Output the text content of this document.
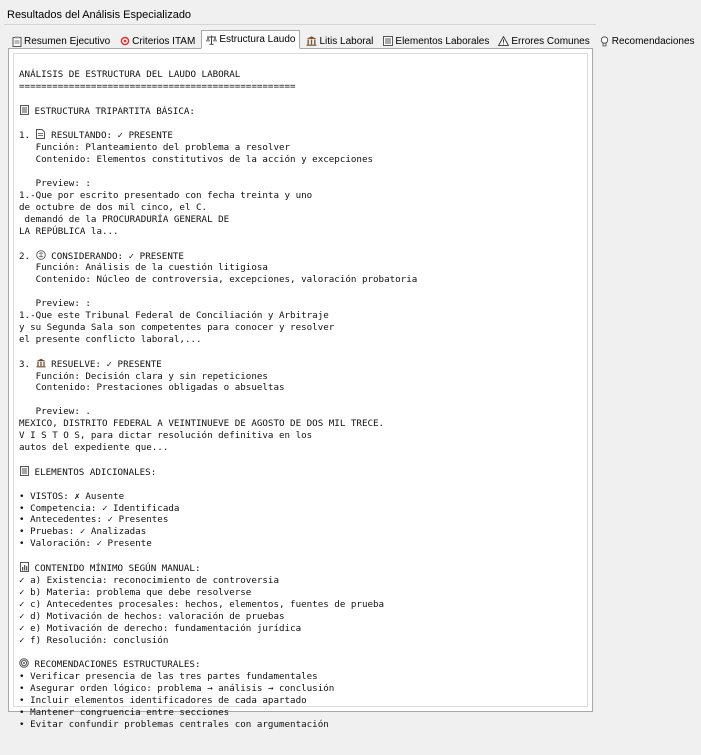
Resultados del Análisis Especializado
Resumen Ejecutivo Criterios ITAM Estructura Laudo Litis Laboral Elementos Laborales Errores Comunes Recomendaciones

ANÁLISIS DE ESTRUCTURA DEL LAUDO LABORAL
==================================================

ESTRUCTURA TRIPARTITA BÁSICA:

1. RESULTANDO: ✓ PRESENTE
Función: Planteamiento del problema a resolver
Contenido: Elementos constitutivos de la acción y excepciones

Preview: :
1.-Que por escrito presentado con fecha treinta y uno
de octubre de dos mil cinco, el C.
demandó de la PROCURADURÍA GENERAL DE
LA REPÚBLICA la...

2. CONSIDERANDO: ✓ PRESENTE
Función: Análisis de la cuestión litigiosa
Contenido: Núcleo de controversia, excepciones, valoración probatoria

Preview: :
1.-Que este Tribunal Federal de Conciliación y Arbitraje
y su Segunda Sala son competentes para conocer y resolver
el presente conflicto laboral,...

3. RESUELVE: ✓ PRESENTE
Función: Decisión clara y sin repeticiones
Contenido: Prestaciones obligadas o absueltas

Preview: .
MEXICO, DISTRITO FEDERAL A VEINTINUEVE DE AGOSTO DE DOS MIL TRECE.
V I S T O S, para dictar resolución definitiva en los
autos del expediente que...

ELEMENTOS ADICIONALES:

• VISTOS: ✗ Ausente
• Competencia: ✓ Identificada
• Antecedentes: ✓ Presentes
• Pruebas: ✓ Analizadas
• Valoración: ✓ Presente

CONTENIDO MÍNIMO SEGÚN MANUAL:
✓ a) Existencia: reconocimiento de controversia
✓ b) Materia: problema que debe resolverse
✓ c) Antecedentes procesales: hechos, elementos, fuentes de prueba
✓ d) Motivación de hechos: valoración de pruebas
✓ e) Motivación de derecho: fundamentación jurídica
✓ f) Resolución: conclusión

RECOMENDACIONES ESTRUCTURALES:
• Verificar presencia de las tres partes fundamentales
• Asegurar orden lógico: problema → análisis → conclusión
• Incluir elementos identificadores de cada apartado
• Mantener congruencia entre secciones
• Evitar confundir problemas centrales con argumentación
